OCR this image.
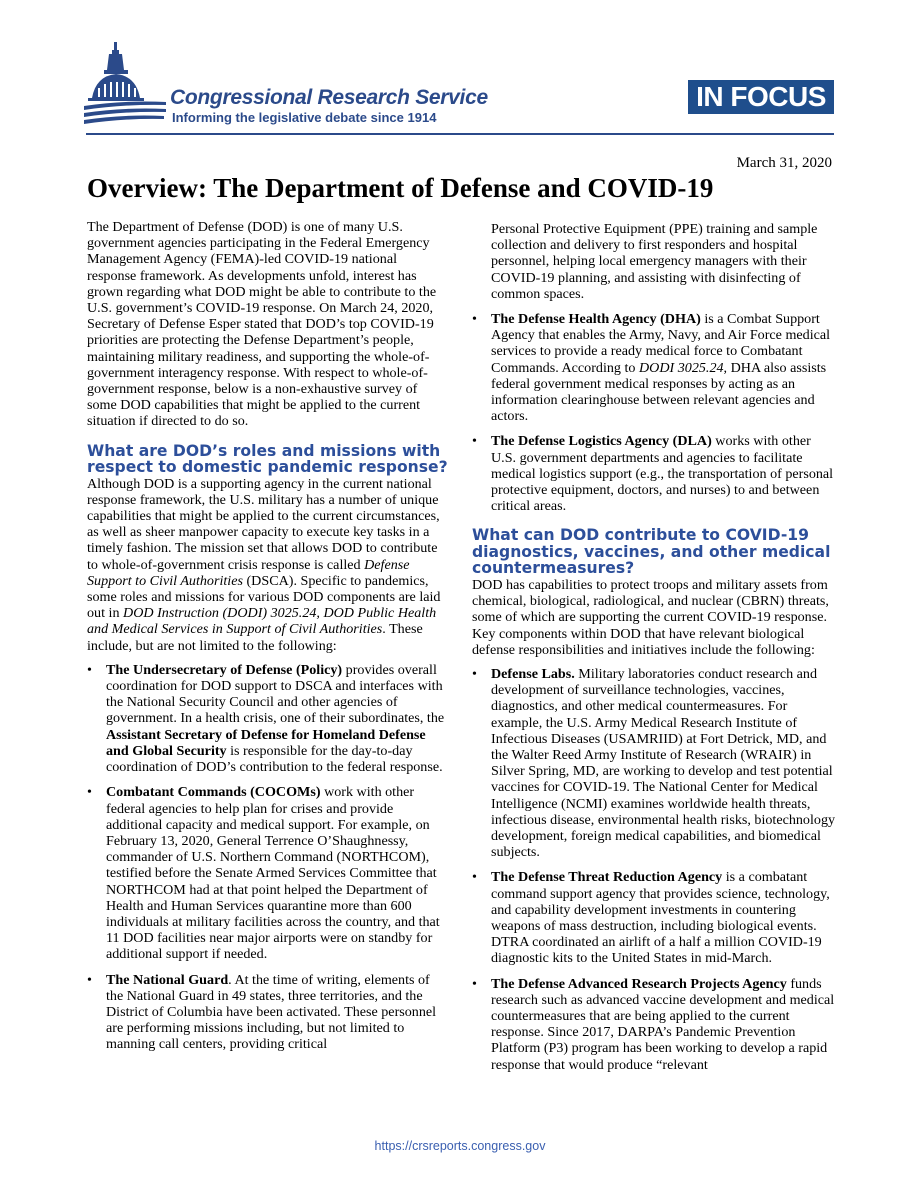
Congressional Research Service
Informing the legislative debate since 1914
IN FOCUS
March 31, 2020
Overview: The Department of Defense and COVID-19

The Department of Defense (DOD) is one of many U.S. government agencies participating in the Federal Emergency Management Agency (FEMA)-led COVID-19 national response framework. As developments unfold, interest has grown regarding what DOD might be able to contribute to the U.S. government’s COVID-19 response. On March 24, 2020, Secretary of Defense Esper stated that DOD’s top COVID-19 priorities are protecting the Defense Department’s people, maintaining military readiness, and supporting the whole-of-government interagency response. With respect to whole-of-government response, below is a non-exhaustive survey of some DOD capabilities that might be applied to the current situation if directed to do so.

What are DOD’s roles and missions with respect to domestic pandemic response?

Although DOD is a supporting agency in the current national response framework, the U.S. military has a number of unique capabilities that might be applied to the current circumstances, as well as sheer manpower capacity to execute key tasks in a timely fashion. The mission set that allows DOD to contribute to whole-of-government crisis response is called Defense Support to Civil Authorities (DSCA). Specific to pandemics, some roles and missions for various DOD components are laid out in DOD Instruction (DODI) 3025.24, DOD Public Health and Medical Services in Support of Civil Authorities. These include, but are not limited to the following:

• The Undersecretary of Defense (Policy) provides overall coordination for DOD support to DSCA and interfaces with the National Security Council and other agencies of government. In a health crisis, one of their subordinates, the Assistant Secretary of Defense for Homeland Defense and Global Security is responsible for the day-to-day coordination of DOD’s contribution to the federal response.
• Combatant Commands (COCOMs) work with other federal agencies to help plan for crises and provide additional capacity and medical support. For example, on February 13, 2020, General Terrence O’Shaughnessy, commander of U.S. Northern Command (NORTHCOM), testified before the Senate Armed Services Committee that NORTHCOM had at that point helped the Department of Health and Human Services quarantine more than 600 individuals at military facilities across the country, and that 11 DOD facilities near major airports were on standby for additional support if needed.
• The National Guard. At the time of writing, elements of the National Guard in 49 states, three territories, and the District of Columbia have been activated. These personnel are performing missions including, but not limited to manning call centers, providing critical
Personal Protective Equipment (PPE) training and sample collection and delivery to first responders and hospital personnel, helping local emergency managers with their COVID-19 planning, and assisting with disinfecting of common spaces.
• The Defense Health Agency (DHA) is a Combat Support Agency that enables the Army, Navy, and Air Force medical services to provide a ready medical force to Combatant Commands. According to DODI 3025.24, DHA also assists federal government medical responses by acting as an information clearinghouse between relevant agencies and actors.
• The Defense Logistics Agency (DLA) works with other U.S. government departments and agencies to facilitate medical logistics support (e.g., the transportation of personal protective equipment, doctors, and nurses) to and between critical areas.
What can DOD contribute to COVID-19 diagnostics, vaccines, and other medical countermeasures?

DOD has capabilities to protect troops and military assets from chemical, biological, radiological, and nuclear (CBRN) threats, some of which are supporting the current COVID-19 response. Key components within DOD that have relevant biological defense responsibilities and initiatives include the following:

• Defense Labs. Military laboratories conduct research and development of surveillance technologies, vaccines, diagnostics, and other medical countermeasures. For example, the U.S. Army Medical Research Institute of Infectious Diseases (USAMRIID) at Fort Detrick, MD, and the Walter Reed Army Institute of Research (WRAIR) in Silver Spring, MD, are working to develop and test potential vaccines for COVID-19. The National Center for Medical Intelligence (NCMI) examines worldwide health threats, infectious disease, environmental health risks, biotechnology development, foreign medical capabilities, and biomedical subjects.
• The Defense Threat Reduction Agency is a combatant command support agency that provides science, technology, and capability development investments in countering weapons of mass destruction, including biological events. DTRA coordinated an airlift of a half a million COVID-19 diagnostic kits to the United States in mid-March.
• The Defense Advanced Research Projects Agency funds research such as advanced vaccine development and medical countermeasures that are being applied to the current response. Since 2017, DARPA’s Pandemic Prevention Platform (P3) program has been working to develop a rapid response that would produce “relevant
https://crsreports.congress.gov
